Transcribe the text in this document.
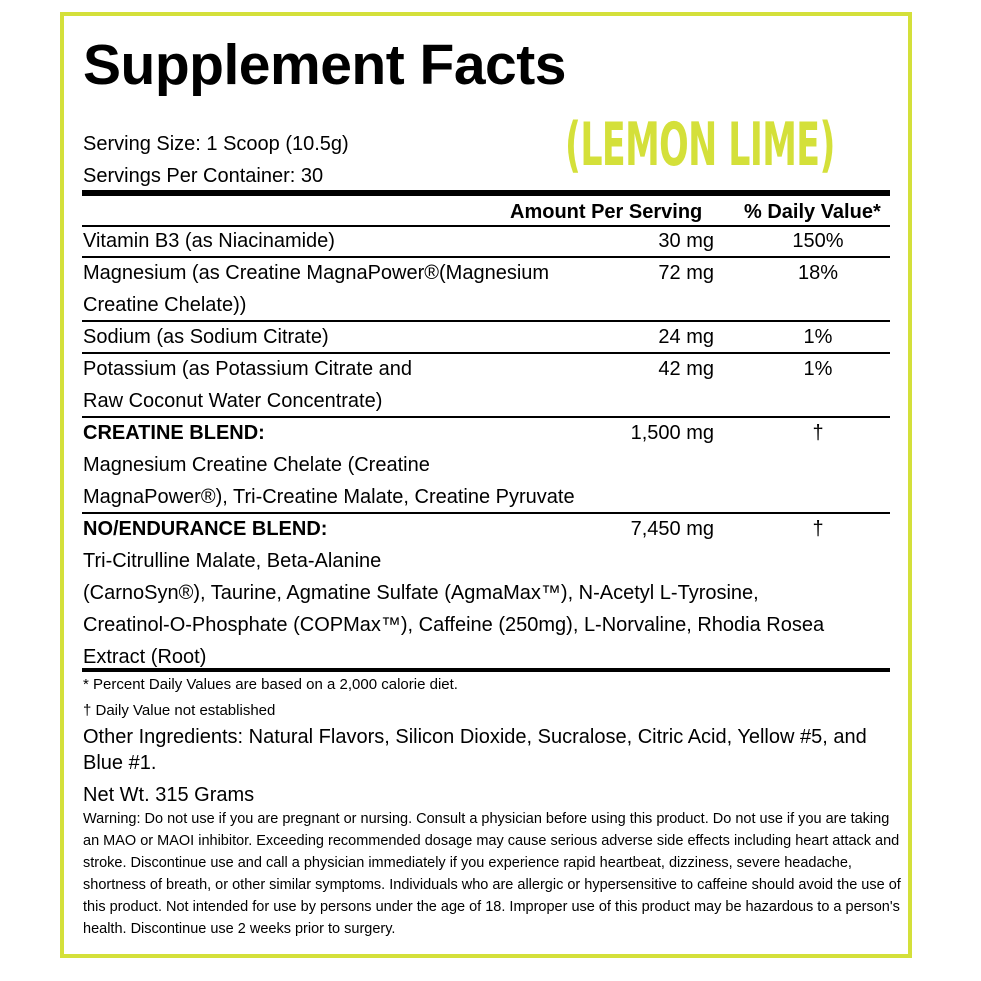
Supplement Facts
(LEMON LIME)
Serving Size: 1 Scoop (10.5g)
Servings Per Container: 30
Amount Per Serving % Daily Value*
Vitamin B3 (as Niacinamide)	30 mg	150%
Magnesium (as Creatine MagnaPower®(Magnesium
Creatine Chelate))
72 mg	18%
Sodium (as Sodium Citrate)	24 mg	1%
Potassium (as Potassium Citrate and
Raw Coconut Water Concentrate)
42 mg	1%
CREATINE BLEND:	1,500 mg	†
Magnesium Creatine Chelate (Creatine
MagnaPower®), Tri-Creatine Malate, Creatine Pyruvate
NO/ENDURANCE BLEND:	7,450 mg	†
Tri-Citrulline Malate, Beta-Alanine
(CarnoSyn®), Taurine, Agmatine Sulfate (AgmaMax™), N-Acetyl L-Tyrosine,
Creatinol-O-Phosphate (COPMax™), Caffeine (250mg), L-Norvaline, Rhodia Rosea
Extract (Root)
* Percent Daily Values are based on a 2,000 calorie diet.
† Daily Value not established
Other Ingredients: Natural Flavors, Silicon Dioxide, Sucralose, Citric Acid, Yellow #5, and Blue #1.
Net Wt. 315 Grams
Warning: Do not use if you are pregnant or nursing. Consult a physician before using this product. Do not use if you are taking an MAO or MAOI inhibitor. Exceeding recommended dosage may cause serious adverse side effects including heart attack and stroke. Discontinue use and call a physician immediately if you experience rapid heartbeat, dizziness, severe headache, shortness of breath, or other similar symptoms. Individuals who are allergic or hypersensitive to caffeine should avoid the use of this product. Not intended for use by persons under the age of 18. Improper use of this product may be hazardous to a person's health. Discontinue use 2 weeks prior to surgery.
